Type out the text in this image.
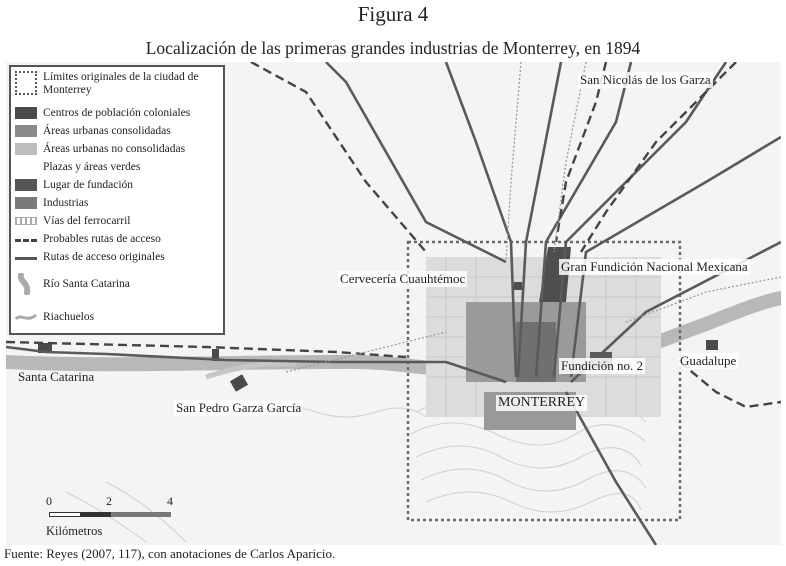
Figura 4
Localización de las primeras grandes industrias de Monterrey, en 1894
Límites originales de la ciudad de Monterrey
Centros de población coloniales
Áreas urbanas consolidadas
Áreas urbanas no consolidadas
Plazas y áreas verdes
Lugar de fundación
Industrias
Vías del ferrocarril
Probables rutas de acceso
Rutas de acceso originales
Río Santa Catarina
Riachuelos
San Nicolás de los Garza
Cervecería Cuauhtémoc
Gran Fundición Nacional Mexicana
Santa Catarina
Fundición no. 2	Guadalupe
San Pedro Garza García	MONTERREY
0	2	4
Kilómetros
Fuente: Reyes (2007, 117), con anotaciones de Carlos Aparicio.
